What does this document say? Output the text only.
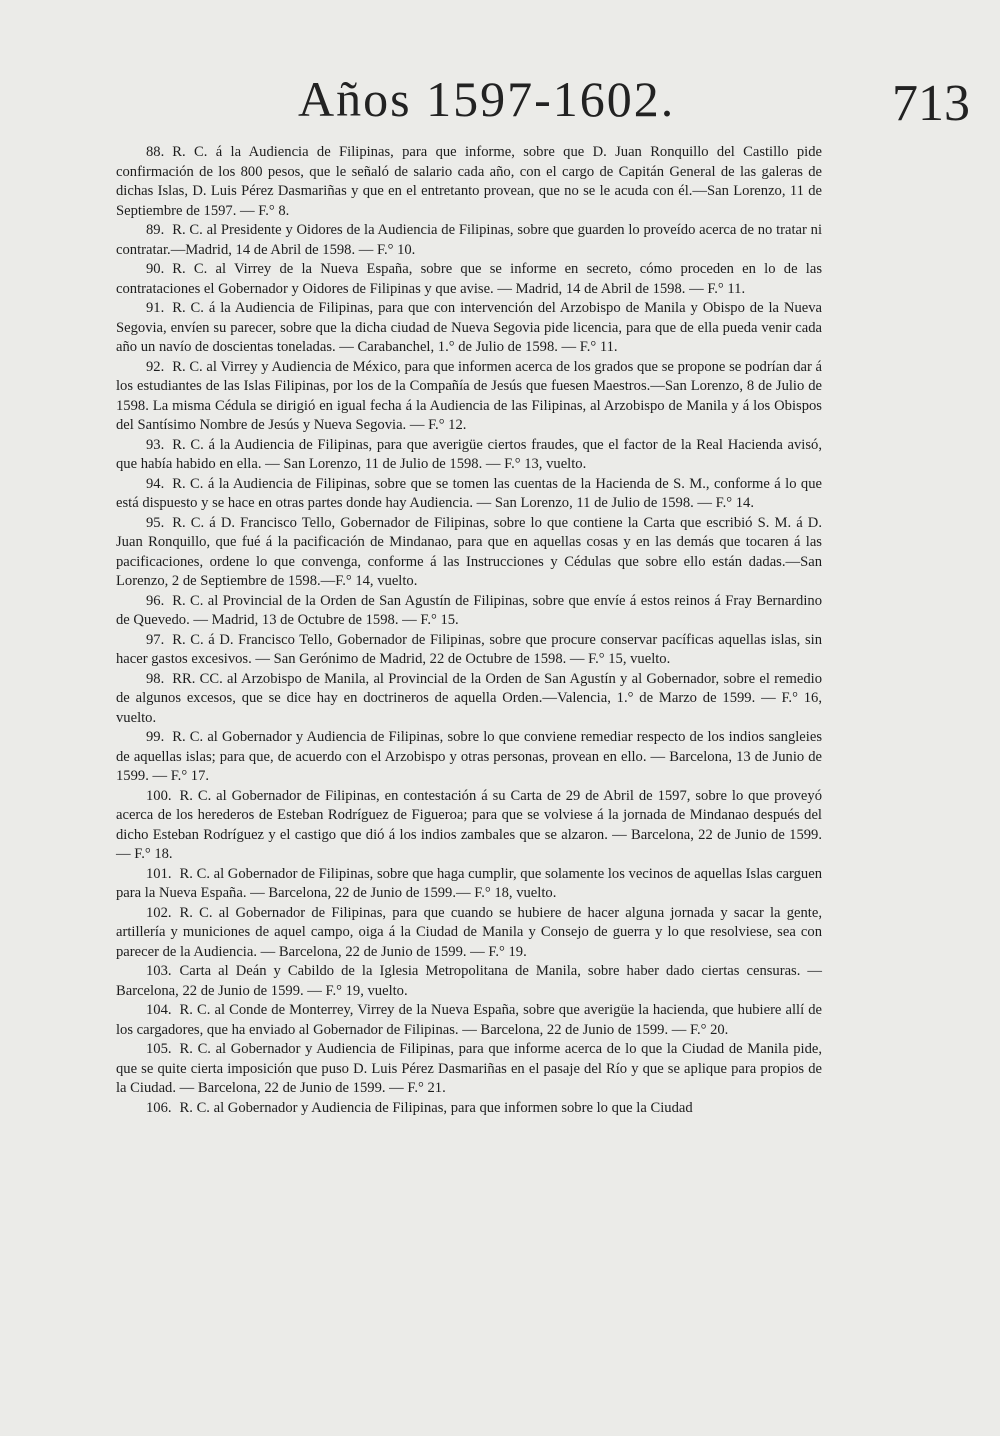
Años 1597-1602.	713

88. R. C. á la Audiencia de Filipinas, para que informe, sobre que D. Juan Ronquillo del Castillo pide confirmación de los 800 pesos, que le señaló de salario cada año, con el cargo de Capitán General de las galeras de dichas Islas, D. Luis Pérez Dasmariñas y que en el entretanto provean, que no se le acuda con él.—San Lorenzo, 11 de Septiembre de 1597. — F.° 8.

89. R. C. al Presidente y Oidores de la Audiencia de Filipinas, sobre que guarden lo proveído acerca de no tratar ni contratar.—Madrid, 14 de Abril de 1598. — F.° 10.

90. R. C. al Virrey de la Nueva España, sobre que se informe en secreto, cómo proceden en lo de las contrataciones el Gobernador y Oidores de Filipinas y que avise. — Madrid, 14 de Abril de 1598. — F.° 11.

91. R. C. á la Audiencia de Filipinas, para que con intervención del Arzobispo de Manila y Obispo de la Nueva Segovia, envíen su parecer, sobre que la dicha ciudad de Nueva Segovia pide licencia, para que de ella pueda venir cada año un navío de doscientas toneladas. — Carabanchel, 1.° de Julio de 1598. — F.° 11.

92. R. C. al Virrey y Audiencia de México, para que informen acerca de los grados que se propone se podrían dar á los estudiantes de las Islas Filipinas, por los de la Compañía de Jesús que fuesen Maestros.—San Lorenzo, 8 de Julio de 1598. La misma Cédula se dirigió en igual fecha á la Audiencia de las Filipinas, al Arzobispo de Manila y á los Obispos del Santísimo Nombre de Jesús y Nueva Segovia. — F.° 12.

93. R. C. á la Audiencia de Filipinas, para que averigüe ciertos fraudes, que el factor de la Real Hacienda avisó, que había habido en ella. — San Lorenzo, 11 de Julio de 1598. — F.° 13, vuelto.

94. R. C. á la Audiencia de Filipinas, sobre que se tomen las cuentas de la Hacienda de S. M., conforme á lo que está dispuesto y se hace en otras partes donde hay Audiencia. — San Lorenzo, 11 de Julio de 1598. — F.° 14.

95. R. C. á D. Francisco Tello, Gobernador de Filipinas, sobre lo que contiene la Carta que escribió S. M. á D. Juan Ronquillo, que fué á la pacificación de Mindanao, para que en aquellas cosas y en las demás que tocaren á las pacificaciones, ordene lo que convenga, conforme á las Instrucciones y Cédulas que sobre ello están dadas.—San Lorenzo, 2 de Septiembre de 1598.—F.° 14, vuelto.

96. R. C. al Provincial de la Orden de San Agustín de Filipinas, sobre que envíe á estos reinos á Fray Bernardino de Quevedo. — Madrid, 13 de Octubre de 1598. — F.° 15.

97. R. C. á D. Francisco Tello, Gobernador de Filipinas, sobre que procure conservar pacíficas aquellas islas, sin hacer gastos excesivos. — San Gerónimo de Madrid, 22 de Octubre de 1598. — F.° 15, vuelto.

98. RR. CC. al Arzobispo de Manila, al Provincial de la Orden de San Agustín y al Gobernador, sobre el remedio de algunos excesos, que se dice hay en doctrineros de aquella Orden.—Valencia, 1.° de Marzo de 1599. — F.° 16, vuelto.

99. R. C. al Gobernador y Audiencia de Filipinas, sobre lo que conviene remediar respecto de los indios sangleies de aquellas islas; para que, de acuerdo con el Arzobispo y otras personas, provean en ello. — Barcelona, 13 de Junio de 1599. — F.° 17.

100. R. C. al Gobernador de Filipinas, en contestación á su Carta de 29 de Abril de 1597, sobre lo que proveyó acerca de los herederos de Esteban Rodríguez de Figueroa; para que se volviese á la jornada de Mindanao después del dicho Esteban Rodríguez y el castigo que dió á los indios zambales que se alzaron. — Barcelona, 22 de Junio de 1599. — F.° 18.

101. R. C. al Gobernador de Filipinas, sobre que haga cumplir, que solamente los vecinos de aquellas Islas carguen para la Nueva España. — Barcelona, 22 de Junio de 1599.— F.° 18, vuelto.

102. R. C. al Gobernador de Filipinas, para que cuando se hubiere de hacer alguna jornada y sacar la gente, artillería y municiones de aquel campo, oiga á la Ciudad de Manila y Consejo de guerra y lo que resolviese, sea con parecer de la Audiencia. — Barcelona, 22 de Junio de 1599. — F.° 19.

103. Carta al Deán y Cabildo de la Iglesia Metropolitana de Manila, sobre haber dado ciertas censuras. — Barcelona, 22 de Junio de 1599. — F.° 19, vuelto.

104. R. C. al Conde de Monterrey, Virrey de la Nueva España, sobre que averigüe la hacienda, que hubiere allí de los cargadores, que ha enviado al Gobernador de Filipinas. — Barcelona, 22 de Junio de 1599. — F.° 20.

105. R. C. al Gobernador y Audiencia de Filipinas, para que informe acerca de lo que la Ciudad de Manila pide, que se quite cierta imposición que puso D. Luis Pérez Dasmariñas en el pasaje del Río y que se aplique para propios de la Ciudad. — Barcelona, 22 de Junio de 1599. — F.° 21.

106. R. C. al Gobernador y Audiencia de Filipinas, para que informen sobre lo que la Ciudad
